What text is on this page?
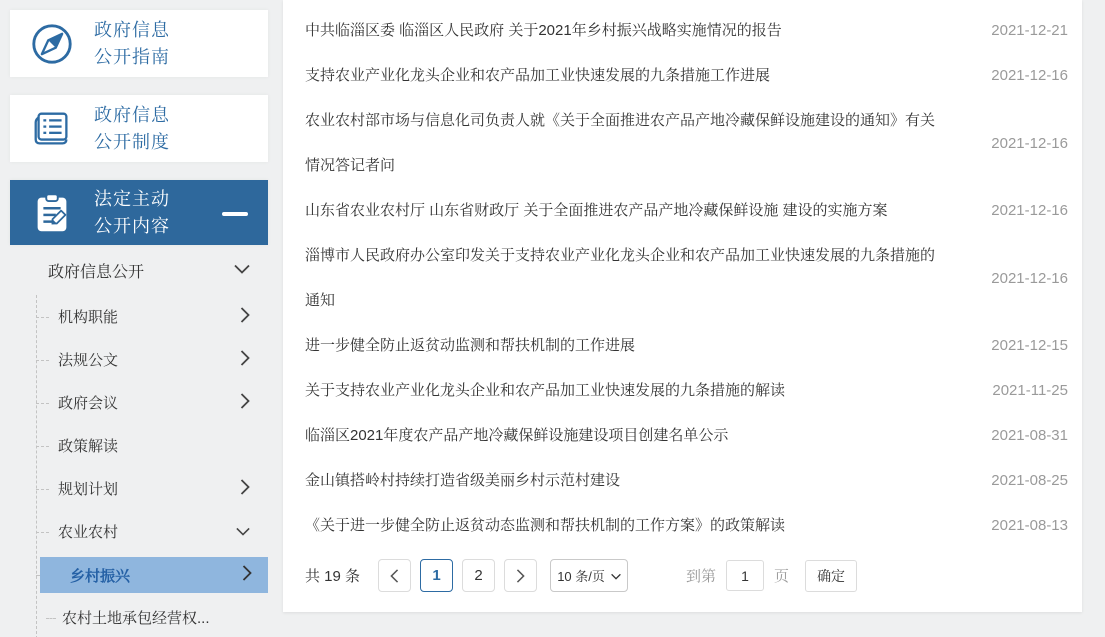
政府信息
公开指南
政府信息
公开制度
法定主动
公开内容
政府信息公开
机构职能
法规公文
政府会议
政策解读
规划计划
农业农村
乡村振兴
农村土地承包经营权...
中共临淄区委 临淄区人民政府 关于2021年乡村振兴战略实施情况的报告	2021-12-21
支持农业产业化龙头企业和农产品加工业快速发展的九条措施工作进展	2021-12-16
农业农村部市场与信息化司负责人就《关于全面推进农产品产地冷藏保鲜设施建设的通知》有关情况答记者问
2021-12-16
山东省农业农村厅 山东省财政厅 关于全面推进农产品产地冷藏保鲜设施 建设的实施方案	2021-12-16
淄博市人民政府办公室印发关于支持农业产业化龙头企业和农产品加工业快速发展的九条措施的通知
2021-12-16
进一步健全防止返贫动监测和帮扶机制的工作进展	2021-12-15
关于支持农业产业化龙头企业和农产品加工业快速发展的九条措施的解读	2021-11-25
临淄区2021年度农产品产地冷藏保鲜设施建设项目创建名单公示	2021-08-31
金山镇搭岭村持续打造省级美丽乡村示范村建设	2021-08-25
《关于进一步健全防止返贫动态监测和帮扶机制的工作方案》的政策解读	2021-08-13
共 19 条	1	2	10 条/页	到第
1	页	确定
